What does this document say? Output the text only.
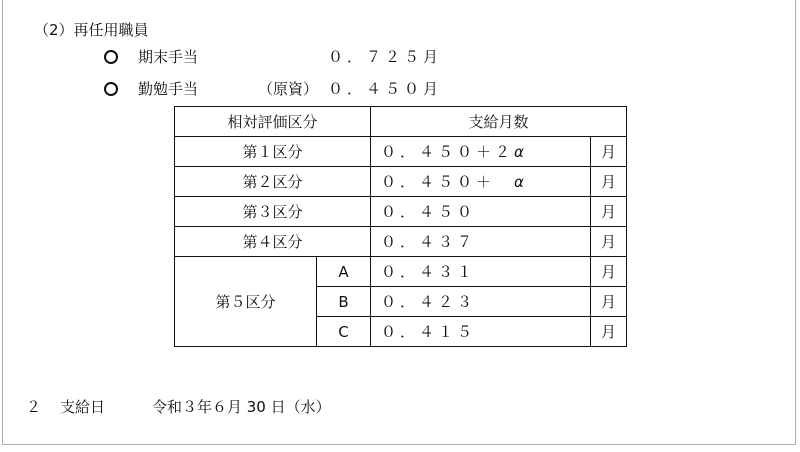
（2）再任用職員
期末手当	０．７２５月
勤勉手当	（原資） ０．４５０月
相対評価区分		支給月数	
第１区分		０．４５０＋２α	月
第２区分		０．４５０＋　α	月
第３区分		０．４５０	月
第４区分		０．４３７	月
第５区分	A	０．４３１	月
	B	０．４２３	月
	C	０．４１５	月
２ 支給日	令和３年６月 30 日（水）
